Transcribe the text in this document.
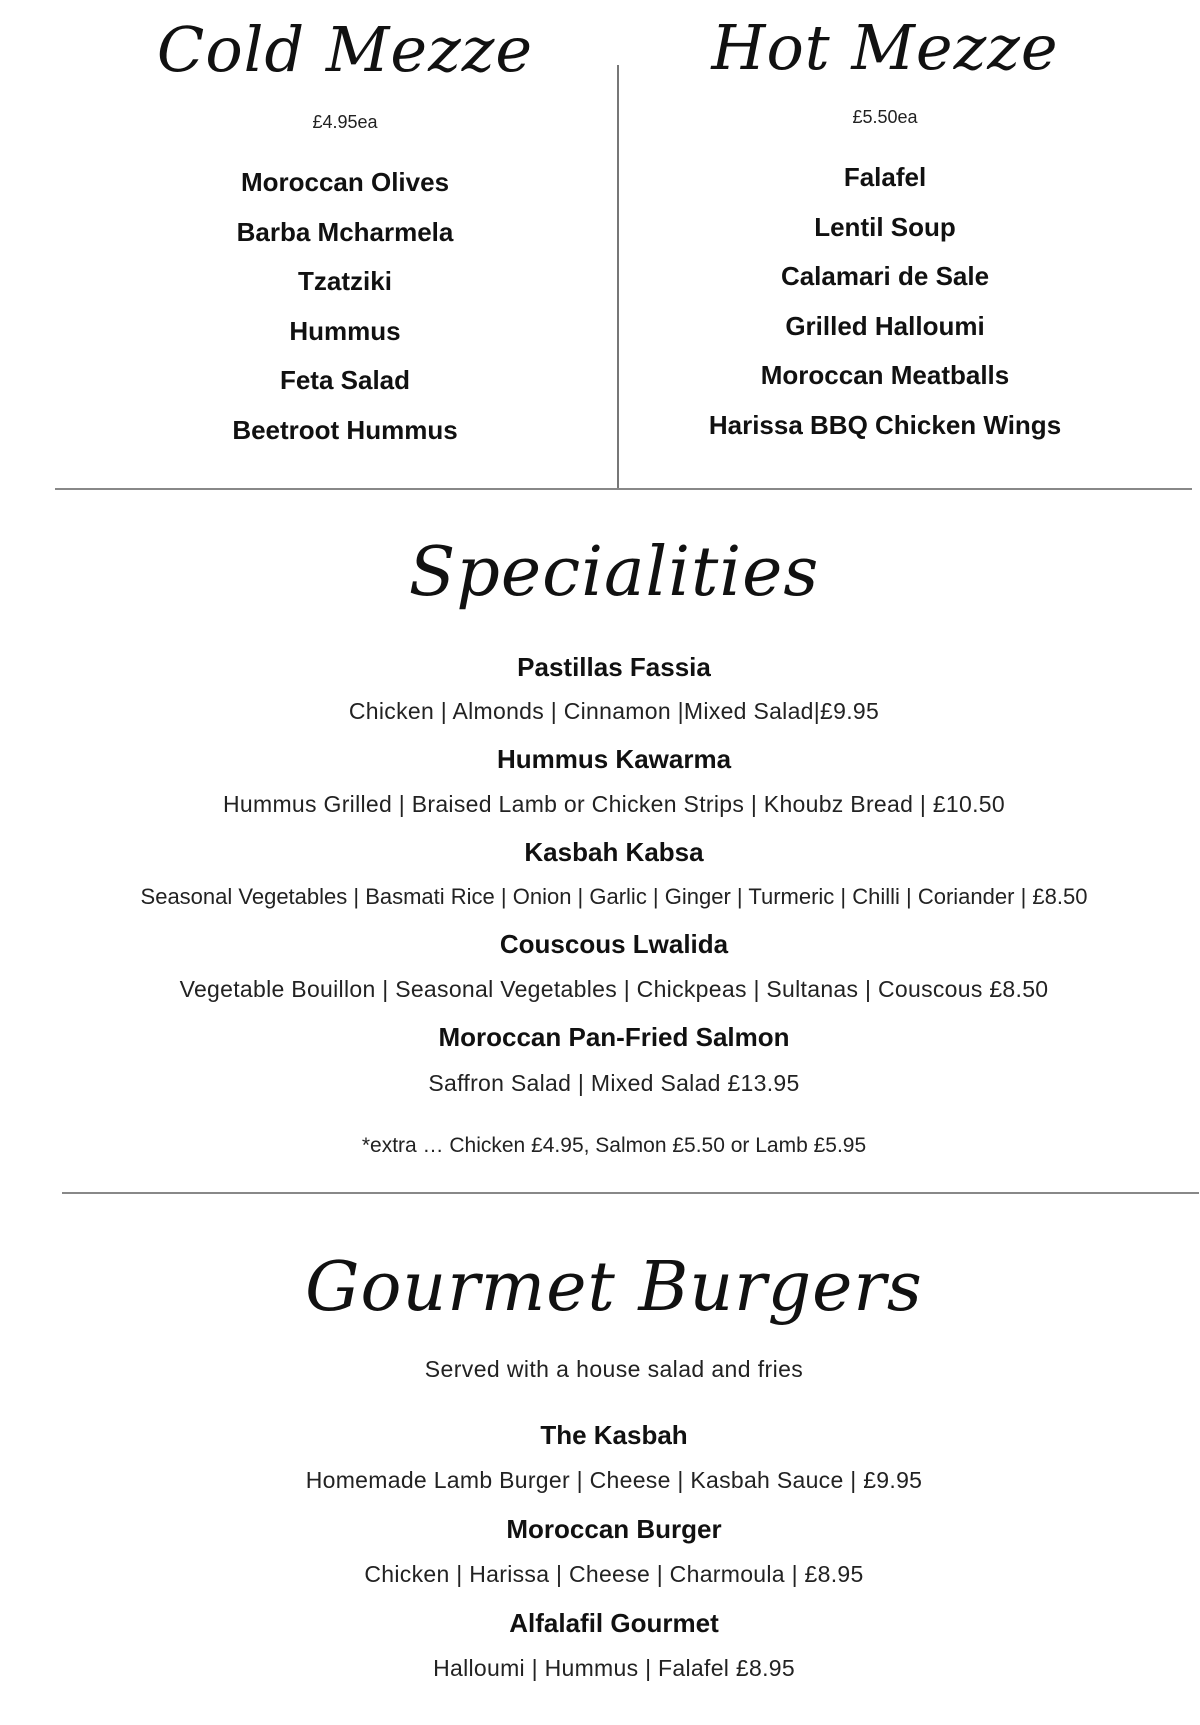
Cold Mezze
£4.95ea
Moroccan Olives
Barba Mcharmela
Tzatziki
Hummus
Feta Salad
Beetroot Hummus
Hot Mezze
£5.50ea
Falafel
Lentil Soup
Calamari de Sale
Grilled Halloumi
Moroccan Meatballs
Harissa BBQ Chicken Wings
Specialities
Pastillas Fassia
Chicken | Almonds | Cinnamon |Mixed Salad|£9.95
Hummus Kawarma
Hummus Grilled | Braised Lamb or Chicken Strips | Khoubz Bread | £10.50
Kasbah Kabsa
Seasonal Vegetables | Basmati Rice | Onion | Garlic | Ginger | Turmeric | Chilli | Coriander | £8.50
Couscous Lwalida
Vegetable Bouillon | Seasonal Vegetables | Chickpeas | Sultanas | Couscous £8.50
Moroccan Pan-Fried Salmon
Saffron Salad | Mixed Salad £13.95
*extra … Chicken £4.95, Salmon £5.50 or Lamb £5.95
Gourmet Burgers
Served with a house salad and fries
The Kasbah
Homemade Lamb Burger | Cheese | Kasbah Sauce | £9.95
Moroccan Burger
Chicken | Harissa | Cheese | Charmoula | £8.95
Alfalafil Gourmet
Halloumi | Hummus | Falafel £8.95
